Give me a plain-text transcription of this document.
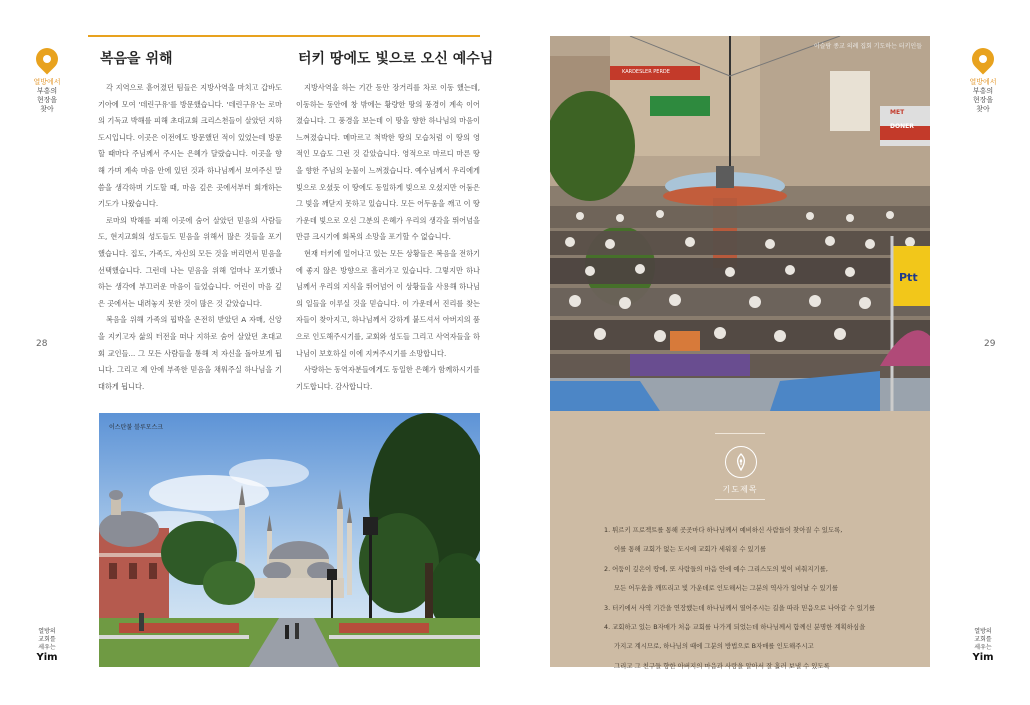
열방에서
부흥의
현장을
찾아
열방의
교회를
세우는
Yim
28
열방에서
부흥의
현장을
찾아
열방의
교회를
세우는
Yim
29
복음을 위해

각 지역으로 흩어졌던 팀들은 지방사역을 마치고 갑바도기아에 모여 '데린구유'를 방문했습니다. '데린구유'는 로마의 기독교 박해를 피해 초대교회 크리스천들이 살았던 지하도시입니다. 이곳은 이전에도 방문했던 적이 있었는데 방문할 때마다 주님께서 주시는 은혜가 달랐습니다. 이곳을 향해 가며 계속 마음 안에 있던 것과 하나님께서 보여주신 말씀을 생각하며 기도할 때, 마음 깊은 곳에서부터 회개하는 기도가 나왔습니다.

로마의 박해를 피해 이곳에 숨어 살았던 믿음의 사람들도, 현지교회의 성도들도 믿음을 위해서 많은 것들을 포기했습니다. 집도, 가족도, 자신의 모든 것을 버리면서 믿음을 선택했습니다. 그런데 나는 믿음을 위해 얼마나 포기했나 하는 생각에 부끄러운 마음이 들었습니다. 어린이 마음 깊은 곳에서는 내려놓지 못한 것이 많은 것 같았습니다.

복음을 위해 가족의 핍박을 온전히 받았던 A 자매, 신앙을 지키고자 삶의 터전을 떠나 지하로 숨어 살았던 초대교회 교인들... 그 모든 사람들을 통해 저 자신을 돌아보게 됩니다. 그리고 제 안에 부족한 믿음을 채워주실 하나님을 기대하게 됩니다.

터키 땅에도 빛으로 오신 예수님

지방사역을 하는 기간 동안 장거리를 차로 이동 했는데, 이동하는 동안에 창 밖에는 황량한 땅의 풍경이 계속 이어졌습니다. 그 풍경을 보는데 이 땅을 향한 하나님의 마음이 느껴졌습니다. 메마르고 척박한 땅의 모습처럼 이 땅의 영적인 모습도 그런 것 같았습니다. 영적으로 마르디 마른 땅을 향한 주님의 눈물이 느껴졌습니다. 예수님께서 우리에게 빛으로 오셨듯 이 땅에도 동일하게 빛으로 오셨지만 어둠은 그 빛을 깨닫지 못하고 있습니다. 모든 어두움을 깨고 이 땅 가운데 빛으로 오신 그분의 은혜가 우리의 생각을 뛰어넘을 만큼 크시기에 회복의 소망을 포기할 수 없습니다.

현재 터키에 일어나고 있는 모든 상황들은 복음을 전하기에 좋지 않은 방향으로 흘러가고 있습니다. 그렇지만 하나님께서 우리의 지식을 뛰어넘어 이 상황들을 사용해 하나님의 일들을 이루실 것을 믿습니다. 이 가운데서 진리를 찾는 자들이 찾아지고, 하나님께서 강하게 붙드셔서 아버지의 품으로 인도해주시기를, 교회와 성도들 그리고 사역자들을 하나님이 보호하실 이에 지켜주시기를 소망합니다.

사랑하는 동역자분들에게도 동일한 은혜가 함께하시기를 기도합니다. 감사합니다.

이스탄불 블루모스크
KARDESLER PERDE
DONER
MET
Ptt
이슬람 종교 의례 집회 기도하는 터키인들
기도제목
1. 튀르키 프로젝트를 통해 곳곳마다 하나님께서 예비하신 사람들이 찾아질 수 있도록,
이를 통해 교회가 없는 도시에 교회가 세워질 수 있기를
2. 어둠이 깊은이 땅에, 또 사람들의 마음 안에 예수 그리스도의 빛이 비춰지기를,
모든 어두움을 깨뜨리고 빛 가운데로 인도해서는 그분의 역사가 일어날 수 있기를
3. 터키에서 사역 기간을 연장했는데 하나님께서 열어주시는 길을 따라 믿음으로 나아갈 수 있기를
4. 교회하고 있는 B자매가 처음 교회를 나가게 되었는데 하나님께서 함께신 분명한 계획하심을
가지고 계시므로, 하나님의 때에 그분의 방법으로 B자매를 인도해주시고
그리고 그 친구들 향한 아버지의 마음과 사랑을 알아서 잘 흘러 보낼 수 있도록
